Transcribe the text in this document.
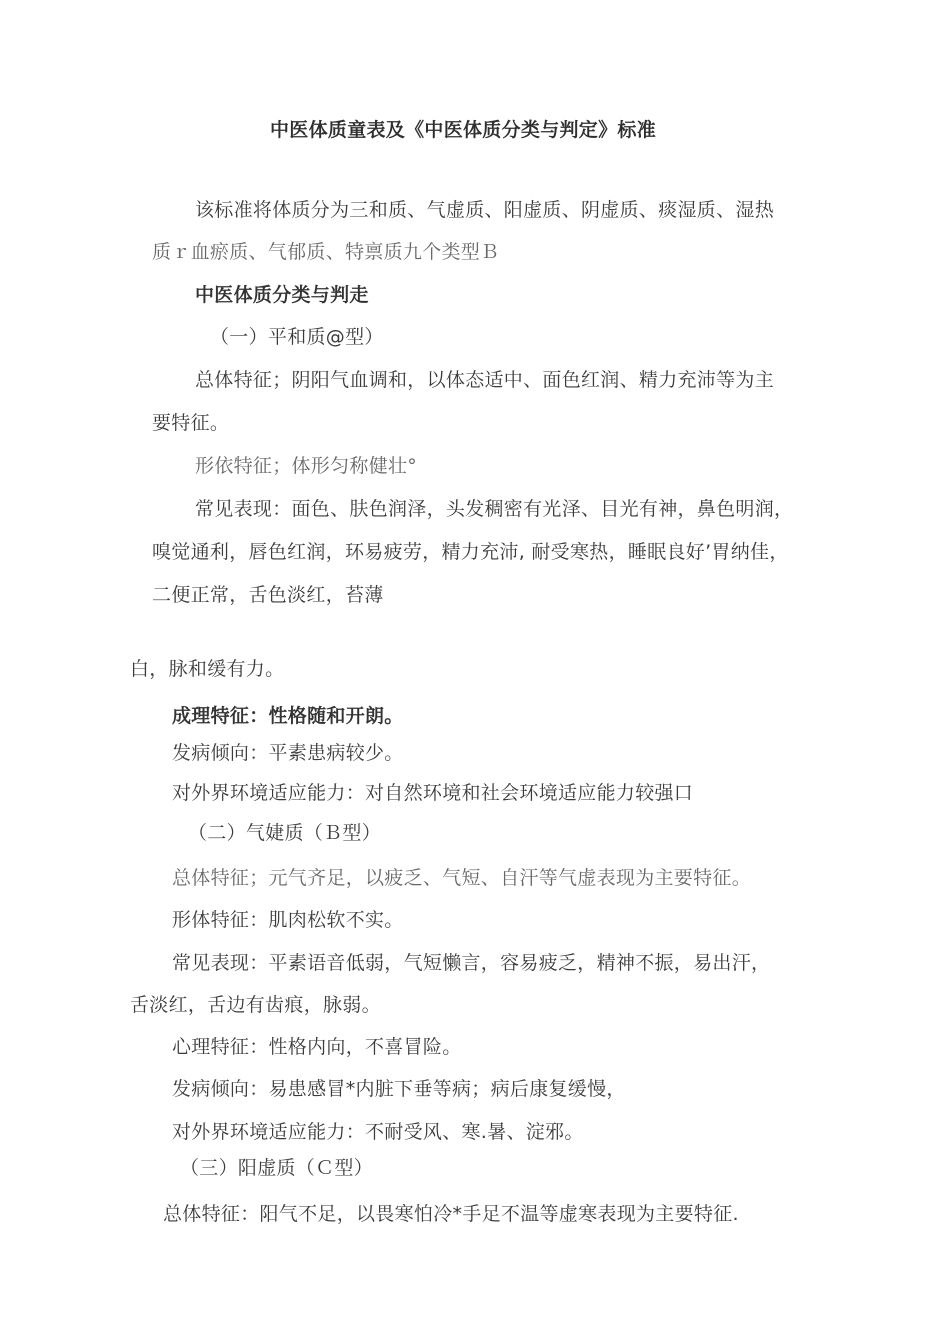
中医体质童表及《中医体质分类与判定》标准
该标准将体质分为三和质、气虚质、阳虚质、阴虚质、痰湿质、湿热
质ｒ血瘀质、气郁质、特禀质九个类型Ｂ
中医体质分类与判走
（一）平和质@型）
总体特征；阴阳气血调和，以体态适中、面色红润、精力充沛等为主
要特征。
形依特征；体形匀称健壮°
常见表现：面色、肤色润泽，头发稠密有光泽、目光有神，鼻色明润，
嗅觉通利，唇色红润，环易疲劳，精力充沛, 耐受寒热，睡眠良好’胃纳佳，
二便正常，舌色淡红，苔薄
白，脉和缓有力。
成理特征：性格随和开朗。
发病倾向：平素患病较少。
对外界环境适应能力：对自然环境和社会环境适应能力较强口
（二）气婕质（Ｂ型）
总体特征；元气齐足，以疲乏、气短、自汗等气虚表现为主要特征。
形体特征：肌肉松软不实。
常见表现：平素语音低弱，气短懒言，容易疲乏，精神不振，易出汗，
舌淡红，舌边有齿痕，脉弱。
心理特征：性格内向，不喜冒险。
发病倾向：易患感冒*内脏下垂等病；病后康复缓慢，
对外界环境适应能力：不耐受风、寒.暑、淀邪。
（三）阳虚质（Ｃ型）
总体特征：阳气不足，以畏寒怕冷*手足不温等虚寒表现为主要特征.
